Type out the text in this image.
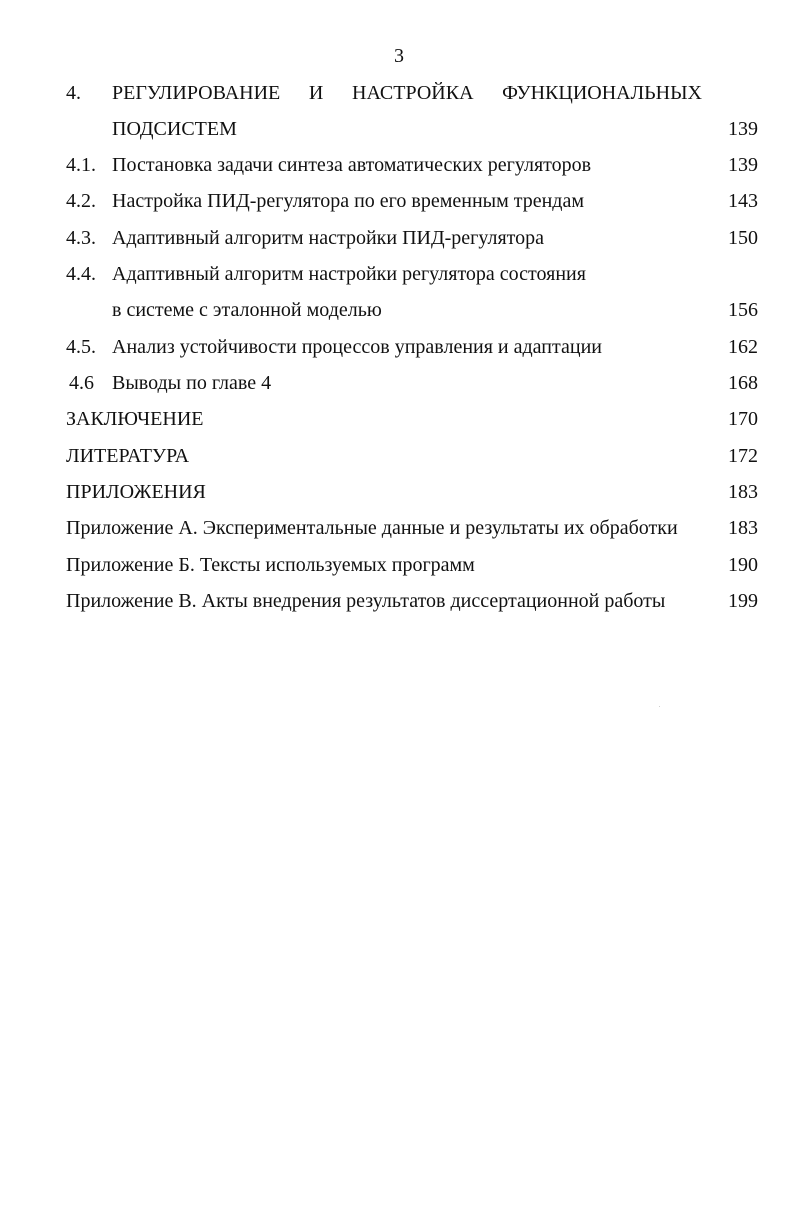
3
4. РЕГУЛИРОВАНИЕ И НАСТРОЙКА ФУНКЦИОНАЛЬНЫХ
ПОДСИСТЕМ	139
4.1. Постановка задачи синтеза автоматических регуляторов	139
4.2. Настройка ПИД-регулятора по его временным трендам	143
4.3. Адаптивный алгоритм настройки ПИД-регулятора	150
4.4. Адаптивный алгоритм настройки регулятора состояния
в системе с эталонной моделью	156
4.5. Анализ устойчивости процессов управления и адаптации	162
4.6 Выводы по главе 4	168
ЗАКЛЮЧЕНИЕ	170
ЛИТЕРАТУРА	172
ПРИЛОЖЕНИЯ	183
Приложение А. Экспериментальные данные и результаты их обработки	183
Приложение Б. Тексты используемых программ	190
Приложение В. Акты внедрения результатов диссертационной работы	199
